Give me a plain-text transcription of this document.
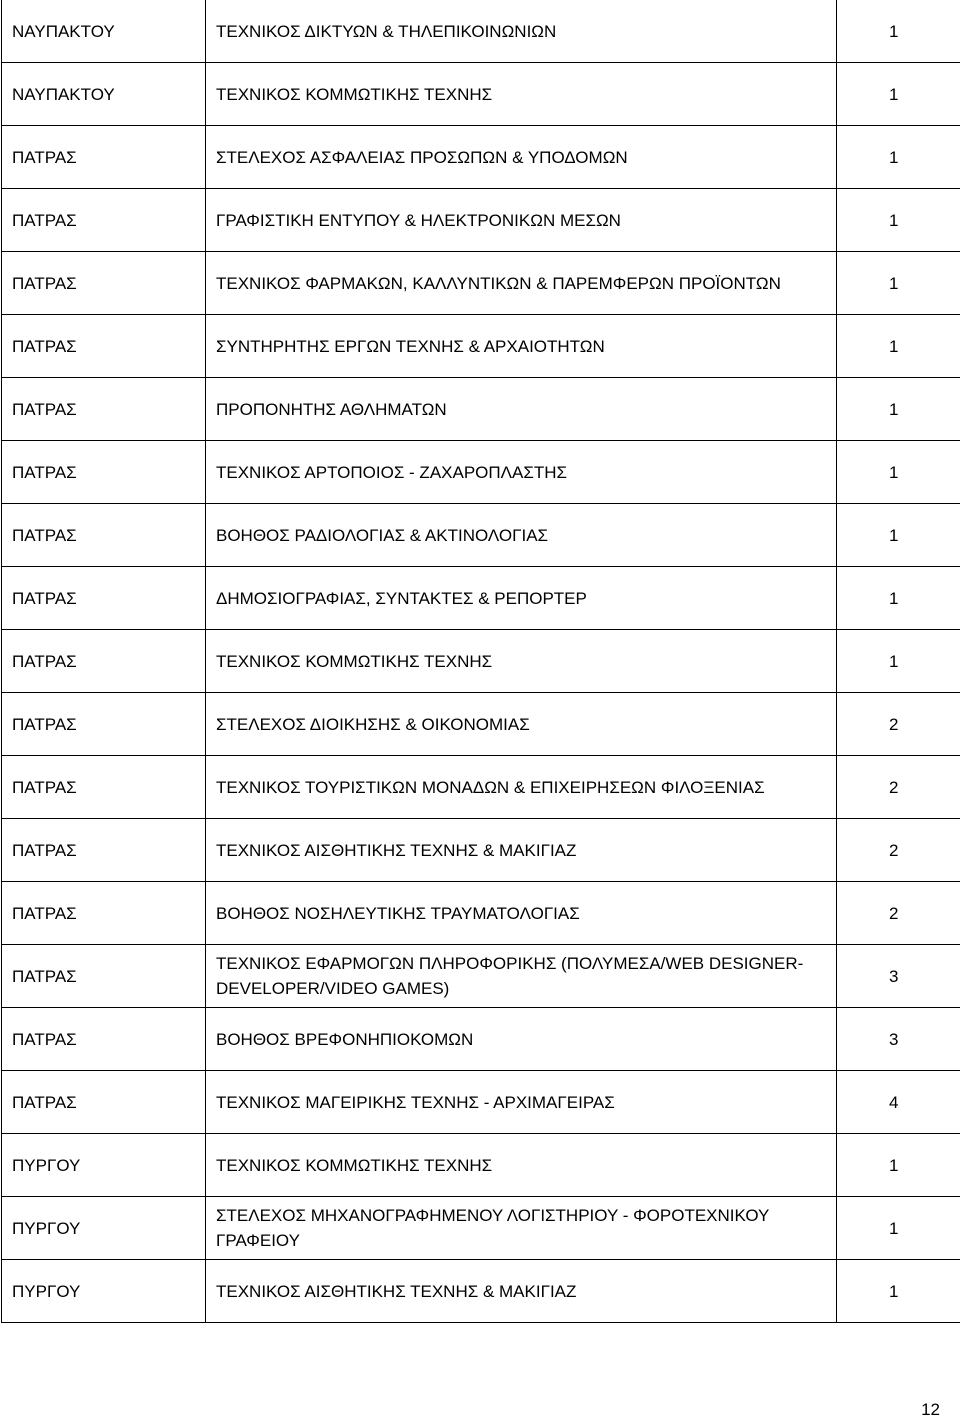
ΝΑΥΠΑΚΤΟΥ	ΤΕΧΝΙΚΟΣ ΔΙΚΤΥΩΝ & ΤΗΛΕΠΙΚΟΙΝΩΝΙΩΝ	1
ΝΑΥΠΑΚΤΟΥ	ΤΕΧΝΙΚΟΣ ΚΟΜΜΩΤΙΚΗΣ ΤΕΧΝΗΣ	1
ΠΑΤΡΑΣ	ΣΤΕΛΕΧΟΣ ΑΣΦΑΛΕΙΑΣ ΠΡΟΣΩΠΩΝ & ΥΠΟΔΟΜΩΝ	1
ΠΑΤΡΑΣ	ΓΡΑΦΙΣΤΙΚΗ ΕΝΤΥΠΟΥ & ΗΛΕΚΤΡΟΝΙΚΩΝ ΜΕΣΩΝ	1
ΠΑΤΡΑΣ	ΤΕΧΝΙΚΟΣ ΦΑΡΜΑΚΩΝ, ΚΑΛΛΥΝΤΙΚΩΝ & ΠΑΡΕΜΦΕΡΩΝ ΠΡΟΪΟΝΤΩΝ	1
ΠΑΤΡΑΣ	ΣΥΝΤΗΡΗΤΗΣ ΕΡΓΩΝ ΤΕΧΝΗΣ & ΑΡΧΑΙΟΤΗΤΩΝ	1
ΠΑΤΡΑΣ	ΠΡΟΠΟΝΗΤΗΣ ΑΘΛΗΜΑΤΩΝ	1
ΠΑΤΡΑΣ	ΤΕΧΝΙΚΟΣ ΑΡΤΟΠΟΙΟΣ - ΖΑΧΑΡΟΠΛΑΣΤΗΣ	1
ΠΑΤΡΑΣ	ΒΟΗΘΟΣ ΡΑΔΙΟΛΟΓΙΑΣ & ΑΚΤΙΝΟΛΟΓΙΑΣ	1
ΠΑΤΡΑΣ	ΔΗΜΟΣΙΟΓΡΑΦΙΑΣ, ΣΥΝΤΑΚΤΕΣ & ΡΕΠΟΡΤΕΡ	1
ΠΑΤΡΑΣ	ΤΕΧΝΙΚΟΣ ΚΟΜΜΩΤΙΚΗΣ ΤΕΧΝΗΣ	1
ΠΑΤΡΑΣ	ΣΤΕΛΕΧΟΣ ΔΙΟΙΚΗΣΗΣ & ΟΙΚΟΝΟΜΙΑΣ	2
ΠΑΤΡΑΣ	ΤΕΧΝΙΚΟΣ ΤΟΥΡΙΣΤΙΚΩΝ ΜΟΝΑΔΩΝ & ΕΠΙΧΕΙΡΗΣΕΩΝ ΦΙΛΟΞΕΝΙΑΣ	2
ΠΑΤΡΑΣ	ΤΕΧΝΙΚΟΣ ΑΙΣΘΗΤΙΚΗΣ ΤΕΧΝΗΣ & ΜΑΚΙΓΙΑΖ	2
ΠΑΤΡΑΣ	ΒΟΗΘΟΣ ΝΟΣΗΛΕΥΤΙΚΗΣ ΤΡΑΥΜΑΤΟΛΟΓΙΑΣ	2
ΠΑΤΡΑΣ	ΤΕΧΝΙΚΟΣ ΕΦΑΡΜΟΓΩΝ ΠΛΗΡΟΦΟΡΙΚΗΣ (ΠΟΛΥΜΕΣΑ/WEB DESIGNER-
DEVELOPER/VIDEO GAMES)	3
ΠΑΤΡΑΣ	ΒΟΗΘΟΣ ΒΡΕΦΟΝΗΠΙΟΚΟΜΩΝ	3
ΠΑΤΡΑΣ	ΤΕΧΝΙΚΟΣ ΜΑΓΕΙΡΙΚΗΣ ΤΕΧΝΗΣ - ΑΡΧΙΜΑΓΕΙΡΑΣ	4
ΠΥΡΓΟΥ	ΤΕΧΝΙΚΟΣ ΚΟΜΜΩΤΙΚΗΣ ΤΕΧΝΗΣ	1
ΠΥΡΓΟΥ	ΣΤΕΛΕΧΟΣ ΜΗΧΑΝΟΓΡΑΦΗΜΕΝΟΥ ΛΟΓΙΣΤΗΡΙΟΥ - ΦΟΡΟΤΕΧΝΙΚΟΥ
ΓΡΑΦΕΙΟΥ	1
ΠΥΡΓΟΥ	ΤΕΧΝΙΚΟΣ ΑΙΣΘΗΤΙΚΗΣ ΤΕΧΝΗΣ & ΜΑΚΙΓΙΑΖ	1
12
